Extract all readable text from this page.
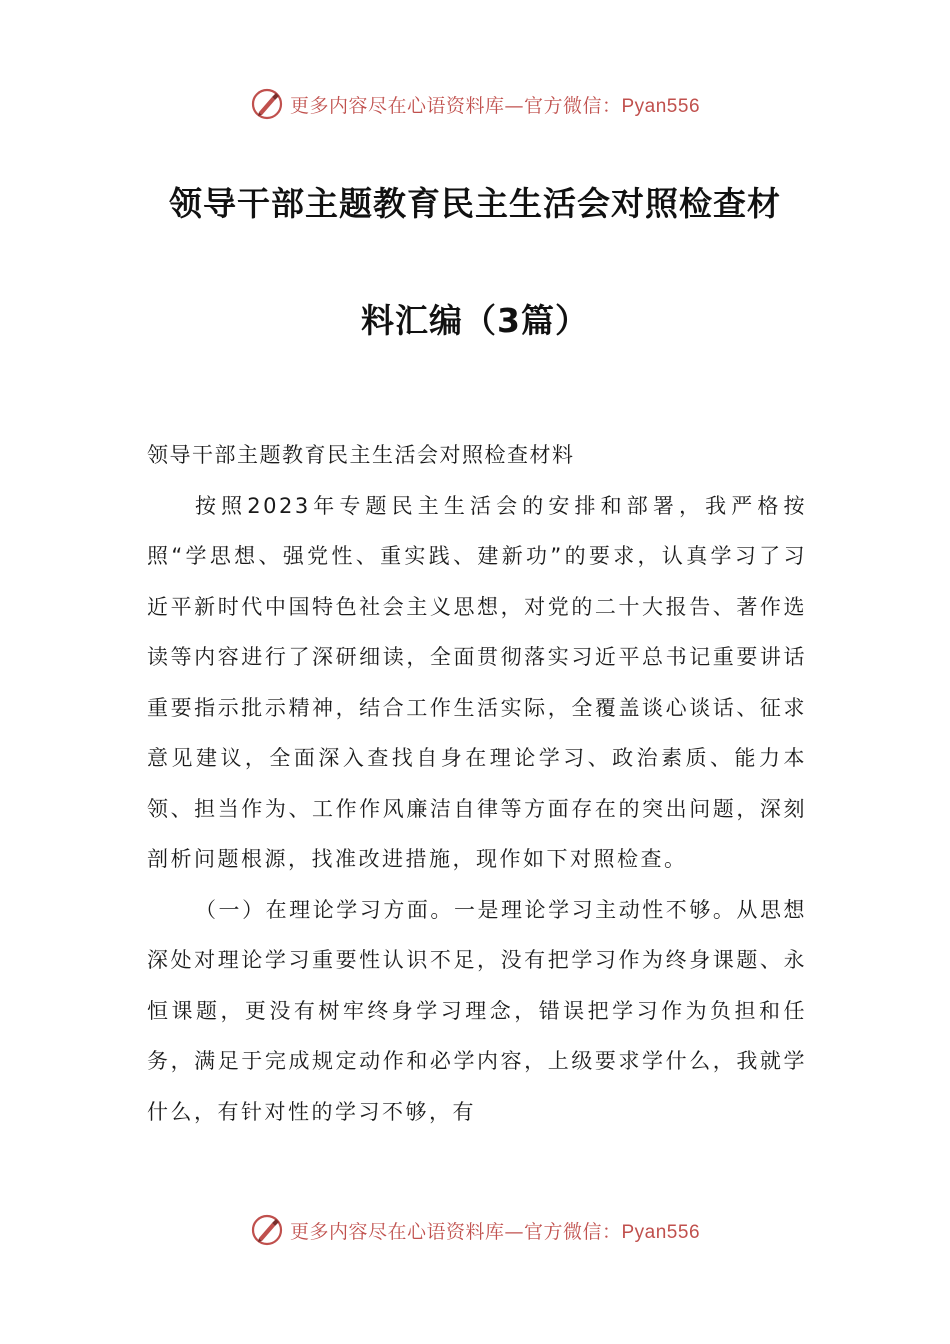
更多内容尽在心语资料库—官方微信：Pyan556
领导干部主题教育民主生活会对照检查材
料汇编（3篇）

领导干部主题教育民主生活会对照检查材料

按照2023年专题民主生活会的安排和部署，我严格按照“学思想、强党性、重实践、建新功”的要求，认真学习了习近平新时代中国特色社会主义思想，对党的二十大报告、著作选读等内容进行了深研细读，全面贯彻落实习近平总书记重要讲话重要指示批示精神，结合工作生活实际，全覆盖谈心谈话、征求意见建议，全面深入查找自身在理论学习、政治素质、能力本领、担当作为、工作作风廉洁自律等方面存在的突出问题，深刻剖析问题根源，找准改进措施，现作如下对照检查。

（一）在理论学习方面。一是理论学习主动性不够。从思想深处对理论学习重要性认识不足，没有把学习作为终身课题、永恒课题，更没有树牢终身学习理念，错误把学习作为负担和任务，满足于完成规定动作和必学内容，上级要求学什么，我就学什么，有针对性的学习不够，有

更多内容尽在心语资料库—官方微信：Pyan556
